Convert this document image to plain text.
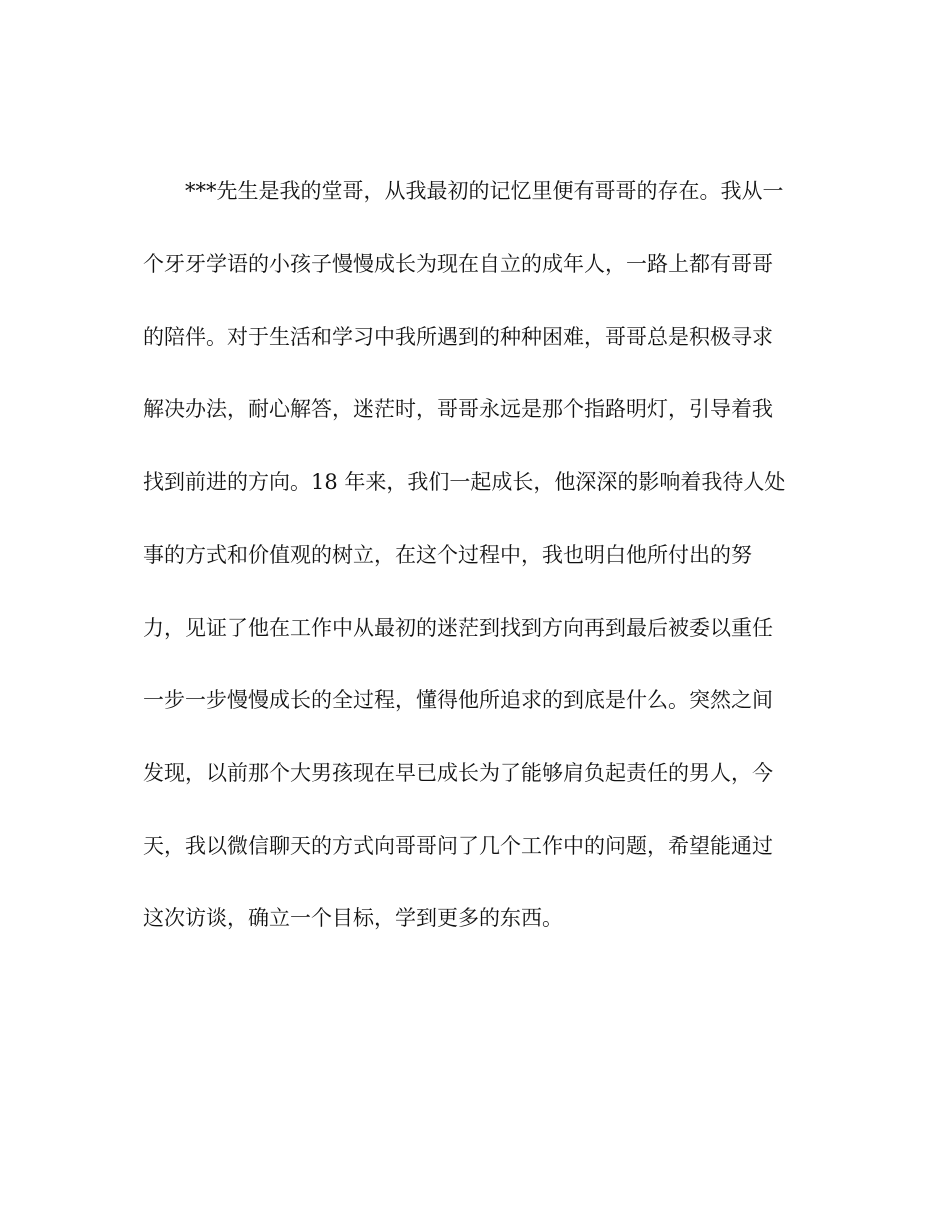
***先生是我的堂哥，从我最初的记忆里便有哥哥的存在。我从一
个牙牙学语的小孩子慢慢成长为现在自立的成年人，一路上都有哥哥
的陪伴。对于生活和学习中我所遇到的种种困难，哥哥总是积极寻求
解决办法，耐心解答，迷茫时，哥哥永远是那个指路明灯，引导着我
找到前进的方向。18 年来，我们一起成长，他深深的影响着我待人处
事的方式和价值观的树立，在这个过程中，我也明白他所付出的努
力，见证了他在工作中从最初的迷茫到找到方向再到最后被委以重任
一步一步慢慢成长的全过程，懂得他所追求的到底是什么。突然之间
发现，以前那个大男孩现在早已成长为了能够肩负起责任的男人，今
天，我以微信聊天的方式向哥哥问了几个工作中的问题，希望能通过
这次访谈，确立一个目标，学到更多的东西。
